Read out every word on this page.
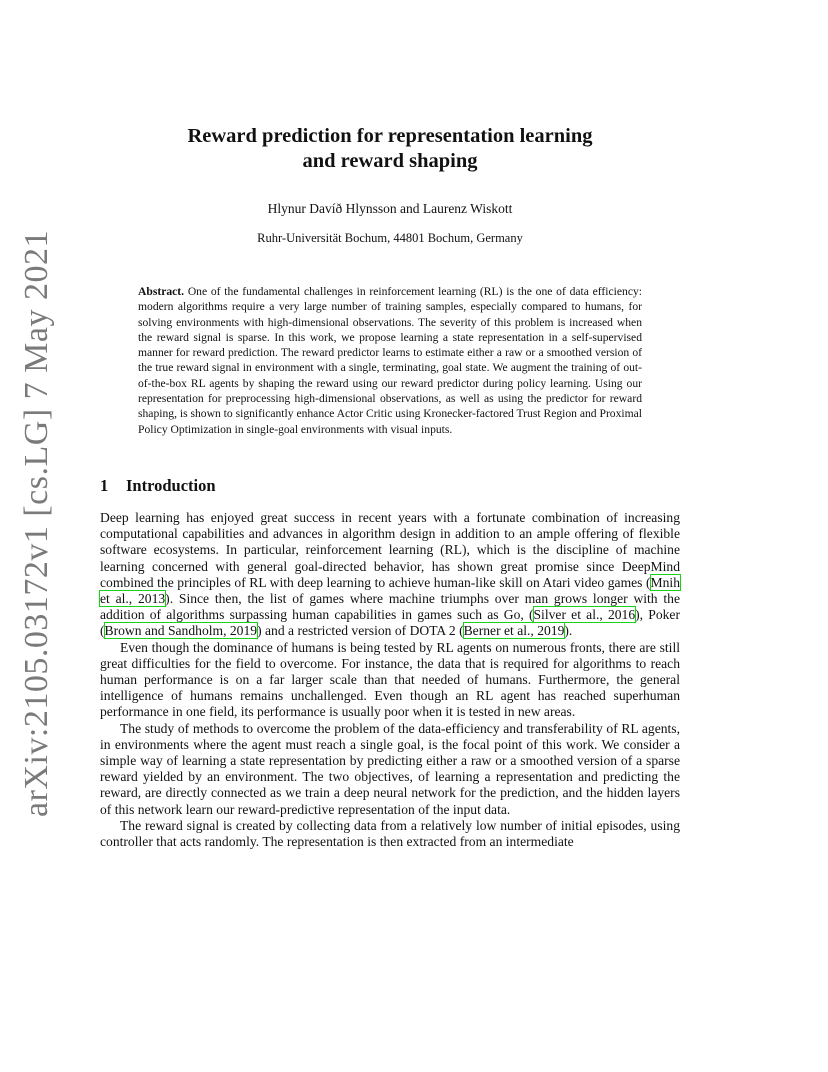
arXiv:2105.03172v1 [cs.LG] 7 May 2021
Reward prediction for representation learning
and reward shaping
Hlynur Davíð Hlynsson and Laurenz Wiskott
Ruhr-Universität Bochum, 44801 Bochum, Germany

Abstract. One of the fundamental challenges in reinforcement learning (RL) is the one of data efficiency: modern algorithms require a very large number of training samples, especially compared to humans, for solving environments with high-dimensional observations. The severity of this problem is increased when the reward signal is sparse. In this work, we propose learning a state representation in a self-supervised manner for reward prediction. The reward predictor learns to estimate either a raw or a smoothed version of the true reward signal in environment with a single, terminating, goal state. We augment the training of out-of-the-box RL agents by shaping the reward using our reward predictor during policy learning. Using our representation for preprocessing high-dimensional observations, as well as using the predictor for reward shaping, is shown to significantly enhance Actor Critic using Kronecker-factored Trust Region and Proximal Policy Optimization in single-goal environments with visual inputs.

1 Introduction

Deep learning has enjoyed great success in recent years with a fortunate combination of increasing computational capabilities and advances in algorithm design in addition to an ample offering of flexible software ecosystems. In particular, reinforcement learning (RL), which is the discipline of machine learning concerned with general goal-directed behavior, has shown great promise since DeepMind combined the principles of RL with deep learning to achieve human-like skill on Atari video games (Mnih et al., 2013). Since then, the list of games where machine triumphs over man grows longer with the addition of algorithms surpassing human capabilities in games such as Go, (Silver et al., 2016), Poker (Brown and Sandholm, 2019) and a restricted version of DOTA 2 (Berner et al., 2019).

Even though the dominance of humans is being tested by RL agents on numerous fronts, there are still great difficulties for the field to overcome. For instance, the data that is required for algorithms to reach human performance is on a far larger scale than that needed of humans. Furthermore, the general intelligence of humans remains unchallenged. Even though an RL agent has reached superhuman performance in one field, its performance is usually poor when it is tested in new areas.

The study of methods to overcome the problem of the data-efficiency and transferability of RL agents, in environments where the agent must reach a single goal, is the focal point of this work. We consider a simple way of learning a state representation by predicting either a raw or a smoothed version of a sparse reward yielded by an environment. The two objectives, of learning a representation and predicting the reward, are directly connected as we train a deep neural network for the prediction, and the hidden layers of this network learn our reward-predictive representation of the input data.

The reward signal is created by collecting data from a relatively low number of initial episodes, using controller that acts randomly. The representation is then extracted from an intermediate
